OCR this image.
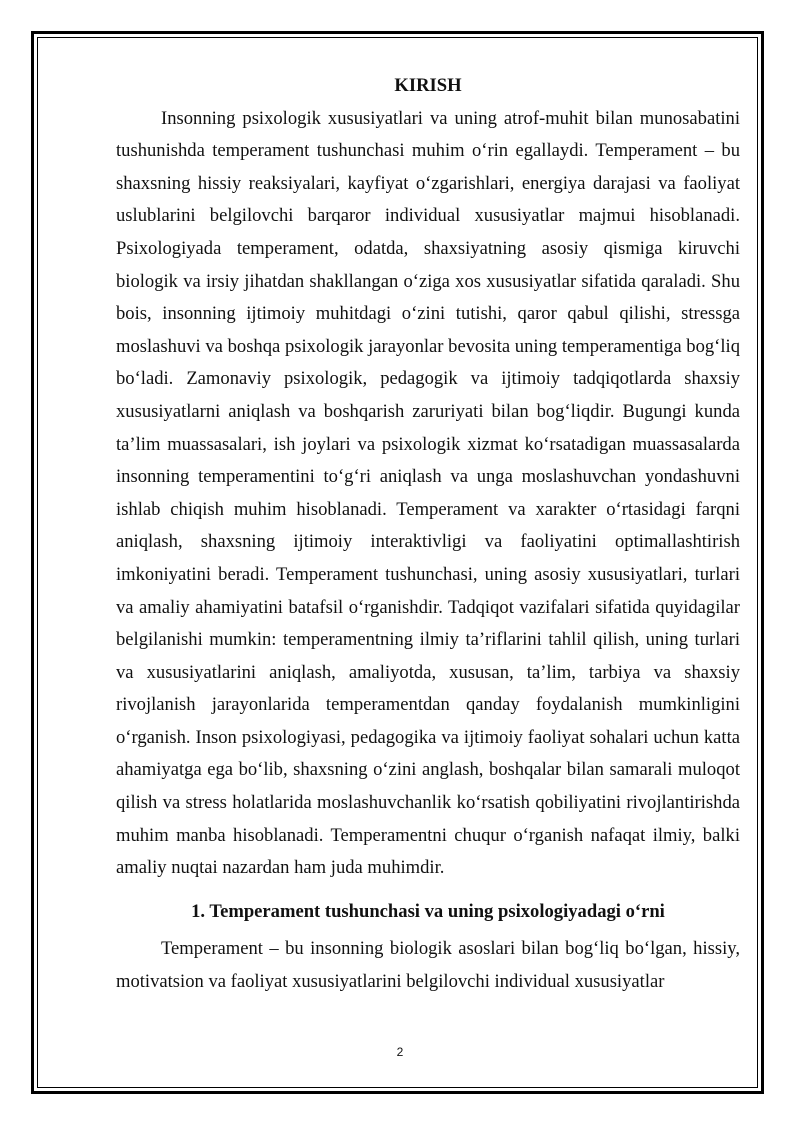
KIRISH

Insonning psixologik xususiyatlari va uning atrof-muhit bilan munosabatini tushunishda temperament tushunchasi muhim o‘rin egallaydi. Temperament – bu shaxsning hissiy reaksiyalari, kayfiyat o‘zgarishlari, energiya darajasi va faoliyat uslublarini belgilovchi barqaror individual xususiyatlar majmui hisoblanadi. Psixologiyada temperament, odatda, shaxsiyatning asosiy qismiga kiruvchi biologik va irsiy jihatdan shakllangan o‘ziga xos xususiyatlar sifatida qaraladi. Shu bois, insonning ijtimoiy muhitdagi o‘zini tutishi, qaror qabul qilishi, stressga moslashuvi va boshqa psixologik jarayonlar bevosita uning temperamentiga bog‘liq bo‘ladi. Zamonaviy psixologik, pedagogik va ijtimoiy tadqiqotlarda shaxsiy xususiyatlarni aniqlash va boshqarish zaruriyati bilan bog‘liqdir. Bugungi kunda ta’lim muassasalari, ish joylari va psixologik xizmat ko‘rsatadigan muassasalarda insonning temperamentini to‘g‘ri aniqlash va unga moslashuvchan yondashuvni ishlab chiqish muhim hisoblanadi. Temperament va xarakter o‘rtasidagi farqni aniqlash, shaxsning ijtimoiy interaktivligi va faoliyatini optimallashtirish imkoniyatini beradi. Temperament tushunchasi, uning asosiy xususiyatlari, turlari va amaliy ahamiyatini batafsil o‘rganishdir. Tadqiqot vazifalari sifatida quyidagilar belgilanishi mumkin: temperamentning ilmiy ta’riflarini tahlil qilish, uning turlari va xususiyatlarini aniqlash, amaliyotda, xususan, ta’lim, tarbiya va shaxsiy rivojlanish jarayonlarida temperamentdan qanday foydalanish mumkinligini o‘rganish. Inson psixologiyasi, pedagogika va ijtimoiy faoliyat sohalari uchun katta ahamiyatga ega bo‘lib, shaxsning o‘zini anglash, boshqalar bilan samarali muloqot qilish va stress holatlarida moslashuvchanlik ko‘rsatish qobiliyatini rivojlantirishda muhim manba hisoblanadi. Temperamentni chuqur o‘rganish nafaqat ilmiy, balki amaliy nuqtai nazardan ham juda muhimdir.

1. Temperament tushunchasi va uning psixologiyadagi o‘rni

Temperament – bu insonning biologik asoslari bilan bog‘liq bo‘lgan, hissiy, motivatsion va faoliyat xususiyatlarini belgilovchi individual xususiyatlar

2
